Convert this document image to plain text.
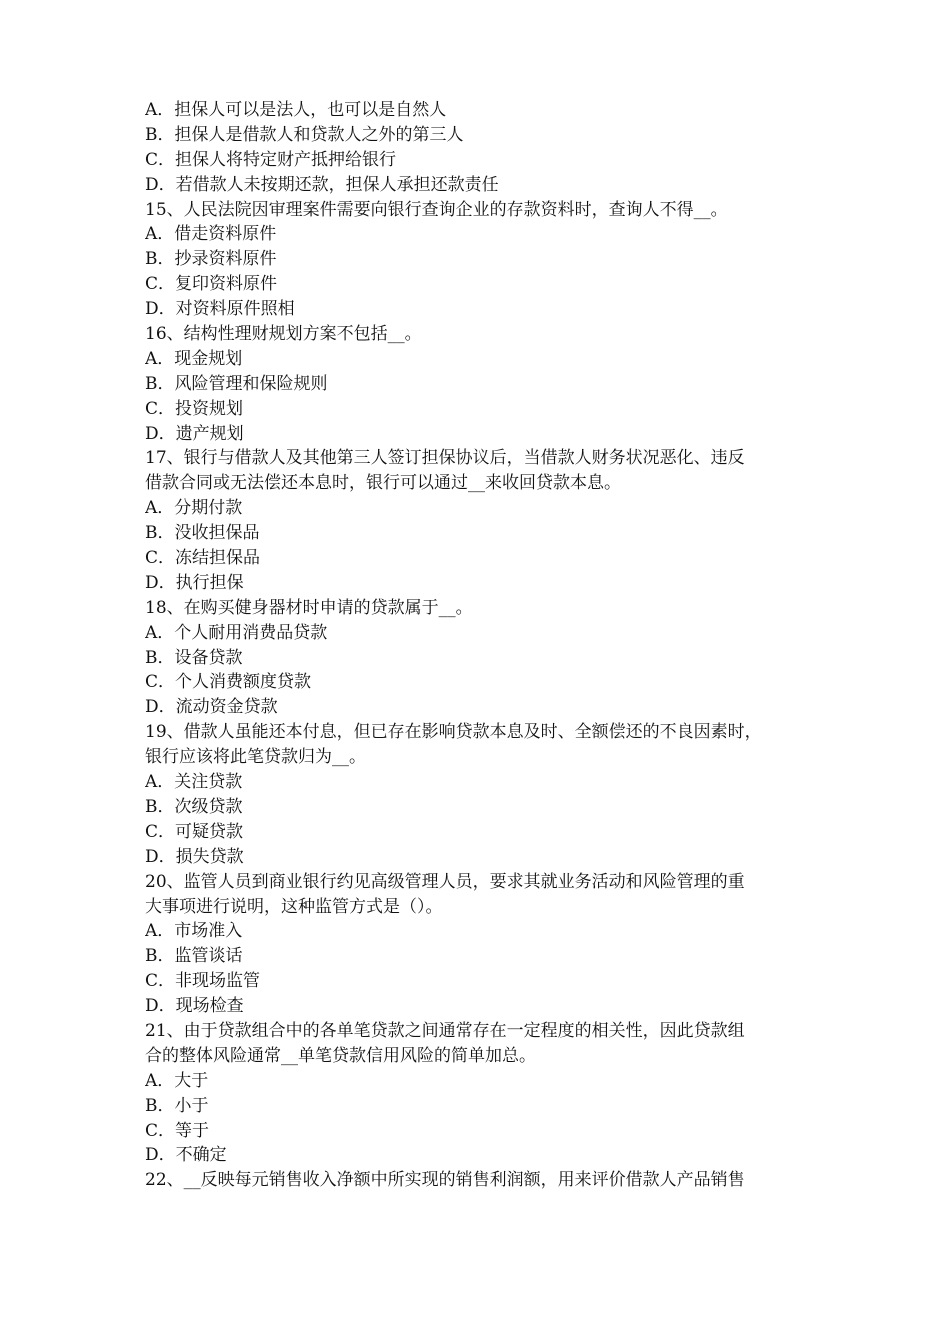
A．担保人可以是法人，也可以是自然人
B．担保人是借款人和贷款人之外的第三人
C．担保人将特定财产抵押给银行
D．若借款人未按期还款，担保人承担还款责任
15、人民法院因审理案件需要向银行查询企业的存款资料时，查询人不得__。
A．借走资料原件
B．抄录资料原件
C．复印资料原件
D．对资料原件照相
16、结构性理财规划方案不包括__。
A．现金规划
B．风险管理和保险规则
C．投资规划
D．遗产规划
17、银行与借款人及其他第三人签订担保协议后，当借款人财务状况恶化、违反
借款合同或无法偿还本息时，银行可以通过__来收回贷款本息。
A．分期付款
B．没收担保品
C．冻结担保品
D．执行担保
18、在购买健身器材时申请的贷款属于__。
A．个人耐用消费品贷款
B．设备贷款
C．个人消费额度贷款
D．流动资金贷款
19、借款人虽能还本付息，但已存在影响贷款本息及时、全额偿还的不良因素时，
银行应该将此笔贷款归为__。
A．关注贷款
B．次级贷款
C．可疑贷款
D．损失贷款
20、监管人员到商业银行约见高级管理人员，要求其就业务活动和风险管理的重
大事项进行说明，这种监管方式是（）。
A．市场准入
B．监管谈话
C．非现场监管
D．现场检查
21、由于贷款组合中的各单笔贷款之间通常存在一定程度的相关性，因此贷款组
合的整体风险通常__单笔贷款信用风险的简单加总。
A．大于
B．小于
C．等于
D．不确定
22、__反映每元销售收入净额中所实现的销售利润额，用来评价借款人产品销售
